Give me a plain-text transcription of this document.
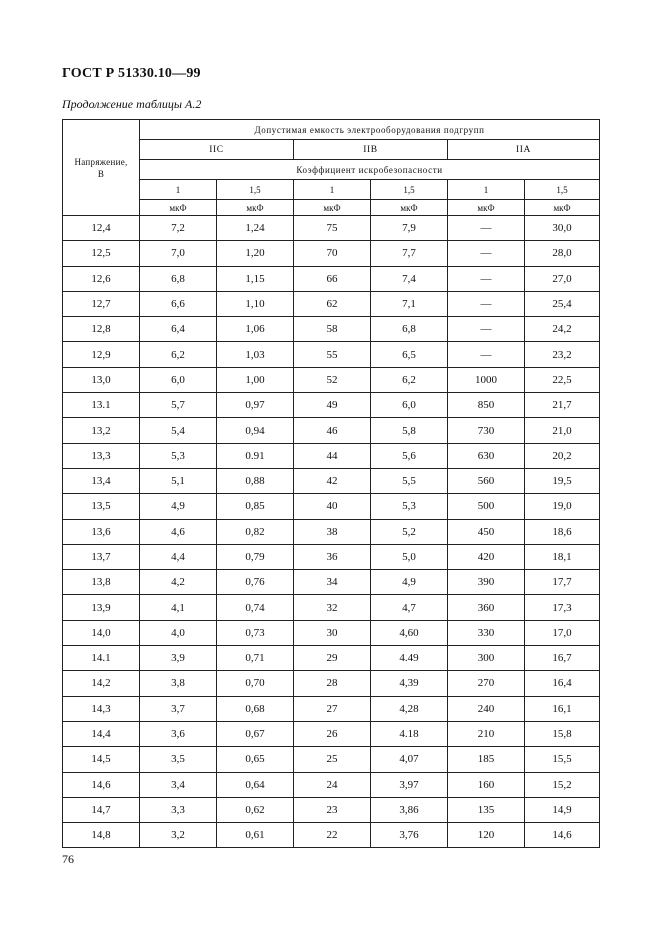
ГОСТ Р 51330.10—99
Продолжение таблицы А.2
Напряжение,
В	Допустимая емкость электрооборудования подгрупп					
	IIC		IIB		IIA	
	Коэффициент искробезопасности					
	1	1,5	1	1,5	1	1,5
	мкФ	мкФ	мкФ	мкФ	мкФ	мкФ
12,4	7,2	1,24	75	7,9	—	30,0
12,5	7,0	1,20	70	7,7	—	28,0
12,6	6,8	1,15	66	7,4	—	27,0
12,7	6,6	1,10	62	7,1	—	25,4
12,8	6,4	1,06	58	6,8	—	24,2
12,9	6,2	1,03	55	6,5	—	23,2
13,0	6,0	1,00	52	6,2	1000	22,5
13.1	5,7	0,97	49	6,0	850	21,7
13,2	5,4	0,94	46	5,8	730	21,0
13,3	5,3	0.91	44	5,6	630	20,2
13,4	5,1	0,88	42	5,5	560	19,5
13,5	4,9	0,85	40	5,3	500	19,0
13,6	4,6	0,82	38	5,2	450	18,6
13,7	4,4	0,79	36	5,0	420	18,1
13,8	4,2	0,76	34	4,9	390	17,7
13,9	4,1	0,74	32	4,7	360	17,3
14,0	4,0	0,73	30	4,60	330	17,0
14.1	3,9	0,71	29	4.49	300	16,7
14,2	3,8	0,70	28	4,39	270	16,4
14,3	3,7	0,68	27	4,28	240	16,1
14,4	3,6	0,67	26	4.18	210	15,8
14,5	3,5	0,65	25	4,07	185	15,5
14,6	3,4	0,64	24	3,97	160	15,2
14,7	3,3	0,62	23	3,86	135	14,9
14,8	3,2	0,61	22	3,76	120	14,6
76
